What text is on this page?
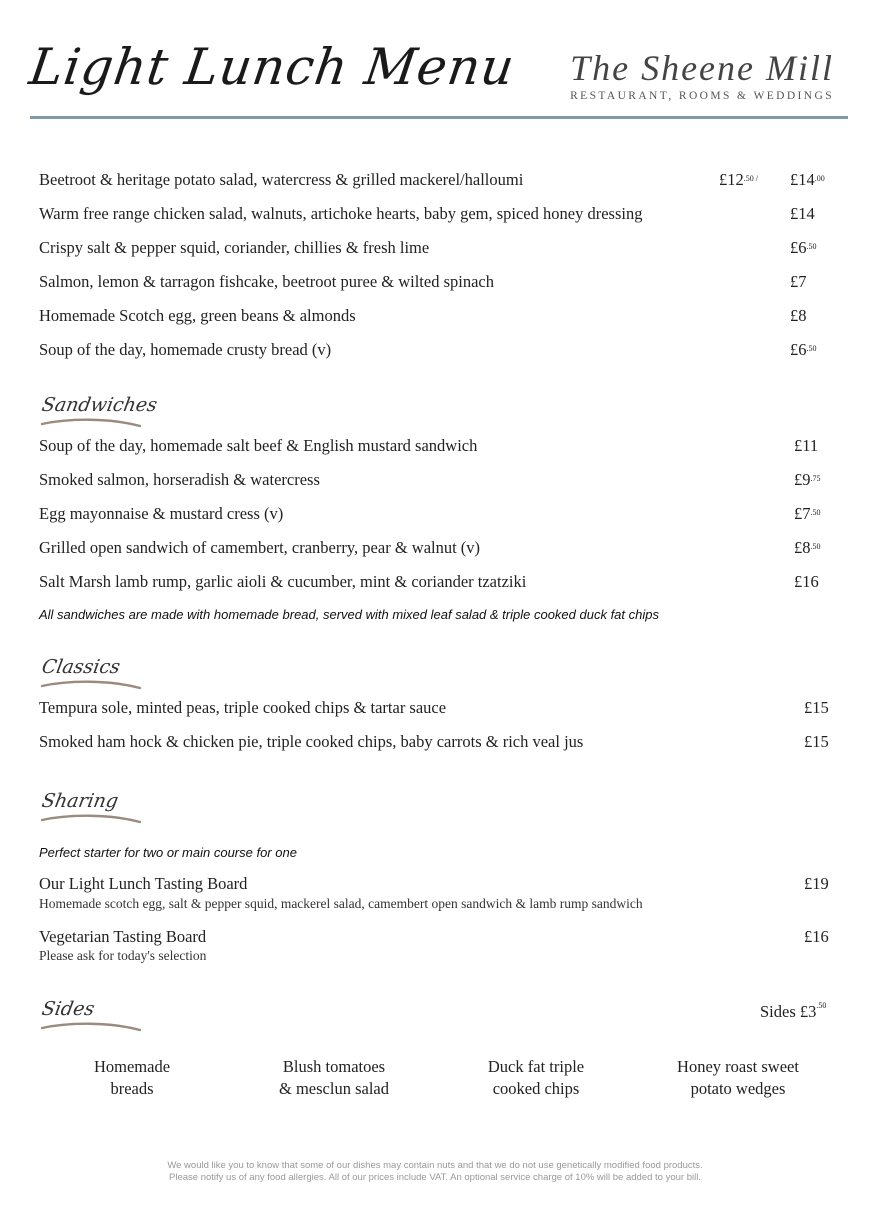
Light Lunch Menu The Sheene Mill
RESTAURANT, ROOMS & WEDDINGS
Beetroot & heritage potato salad, watercress & grilled mackerel/halloumi	$£12^{.50 /}$ $£14^{.00}$
Warm free range chicken salad, walnuts, artichoke hearts, baby gem, spiced honey dressing	£14
Crispy salt & pepper squid, coriander, chillies & fresh lime	$£6^{.50}$
Salmon, lemon & tarragon fishcake, beetroot puree & wilted spinach	£7
Homemade Scotch egg, green beans & almonds	£8
Soup of the day, homemade crusty bread (v)	$£6^{.50}$
Sandwiches
Soup of the day, homemade salt beef & English mustard sandwich	£11
Smoked salmon, horseradish & watercress	$£9^{.75}$
Egg mayonnaise & mustard cress (v)	$£7^{.50}$
Grilled open sandwich of camembert, cranberry, pear & walnut (v)	$£8^{.50}$
Salt Marsh lamb rump, garlic aioli & cucumber, mint & coriander tzatziki	£16
All sandwiches are made with homemade bread, served with mixed leaf salad & triple cooked duck fat chips
Classics
Tempura sole, minted peas, triple cooked chips & tartar sauce	£15
Smoked ham hock & chicken pie, triple cooked chips, baby carrots & rich veal jus	£15
Sharing
Perfect starter for two or main course for one
Our Light Lunch Tasting Board	£19
Homemade scotch egg, salt & pepper squid, mackerel salad, camembert open sandwich & lamb rump sandwich
Vegetarian Tasting Board	£16
Please ask for today's selection
Sides	Sides $£3^{.50}$
Homemade
breads
Blush tomatoes
& mesclun salad
Duck fat triple
cooked chips
Honey roast sweet
potato wedges
We would like you to know that some of our dishes may contain nuts and that we do not use genetically modified food products.
Please notify us of any food allergies. All of our prices include VAT. An optional service charge of 10% will be added to your bill.
